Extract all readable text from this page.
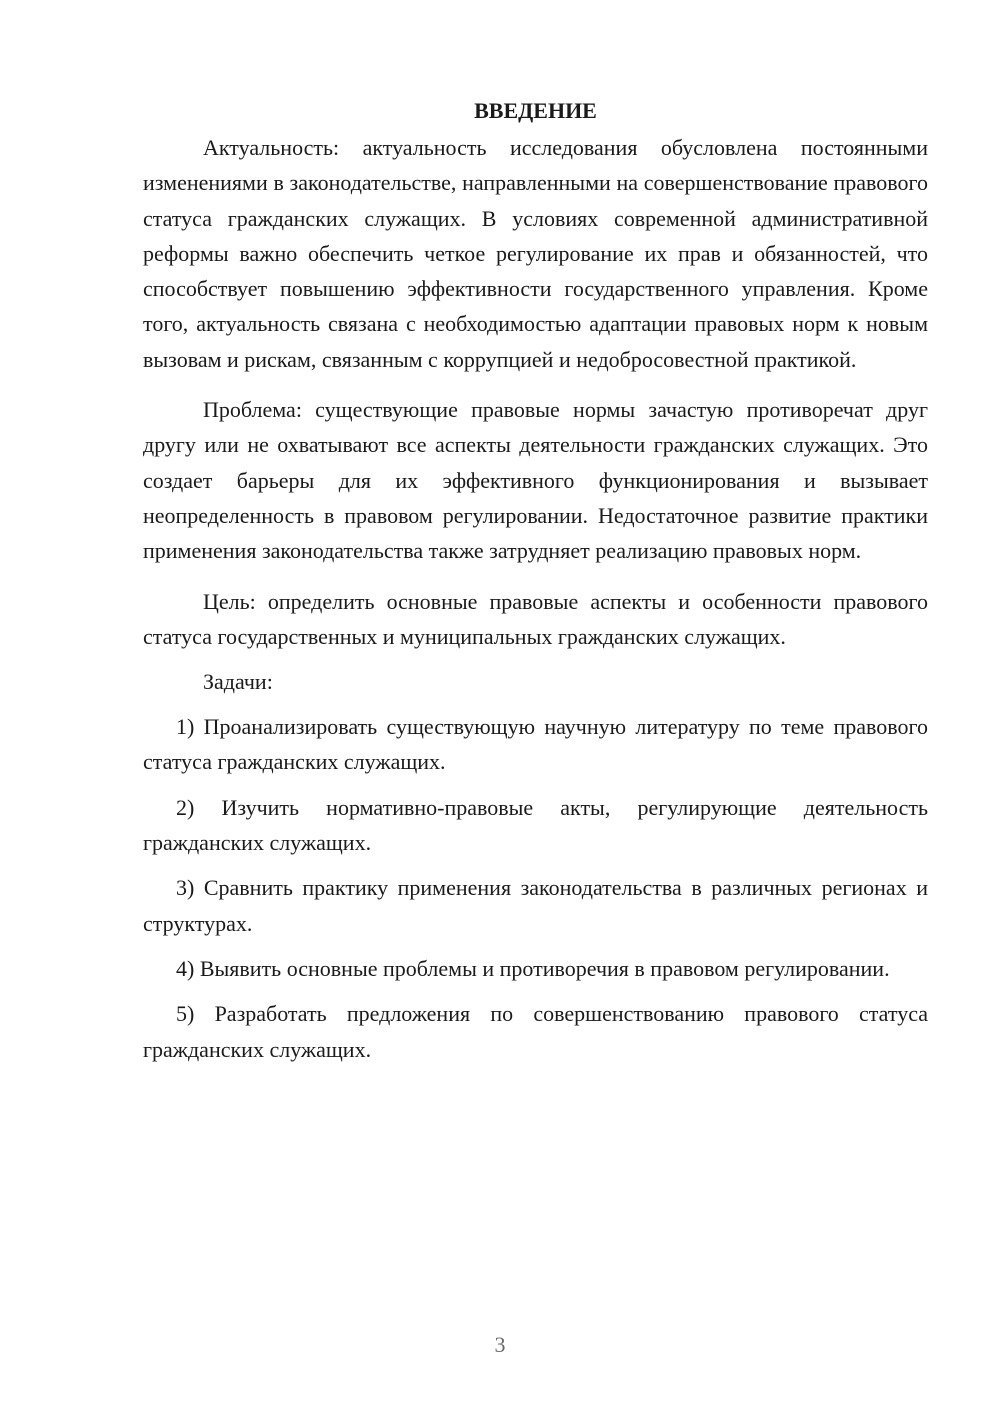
ВВЕДЕНИЕ

Актуальность: актуальность исследования обусловлена постоянными изменениями в законодательстве, направленными на совершенствование правового статуса гражданских служащих. В условиях современной административной реформы важно обеспечить четкое регулирование их прав и обязанностей, что способствует повышению эффективности государственного управления. Кроме того, актуальность связана с необходимостью адаптации правовых норм к новым вызовам и рискам, связанным с коррупцией и недобросовестной практикой.

Проблема: существующие правовые нормы зачастую противоречат друг другу или не охватывают все аспекты деятельности гражданских служащих. Это создает барьеры для их эффективного функционирования и вызывает неопределенность в правовом регулировании. Недостаточное развитие практики применения законодательства также затрудняет реализацию правовых норм.

Цель: определить основные правовые аспекты и особенности правового статуса государственных и муниципальных гражданских служащих.

Задачи:

1) Проанализировать существующую научную литературу по теме правового статуса гражданских служащих.

2) Изучить нормативно-правовые акты, регулирующие деятельность гражданских служащих.

3) Сравнить практику применения законодательства в различных регионах и структурах.

4) Выявить основные проблемы и противоречия в правовом регулировании.

5) Разработать предложения по совершенствованию правового статуса гражданских служащих.

3
